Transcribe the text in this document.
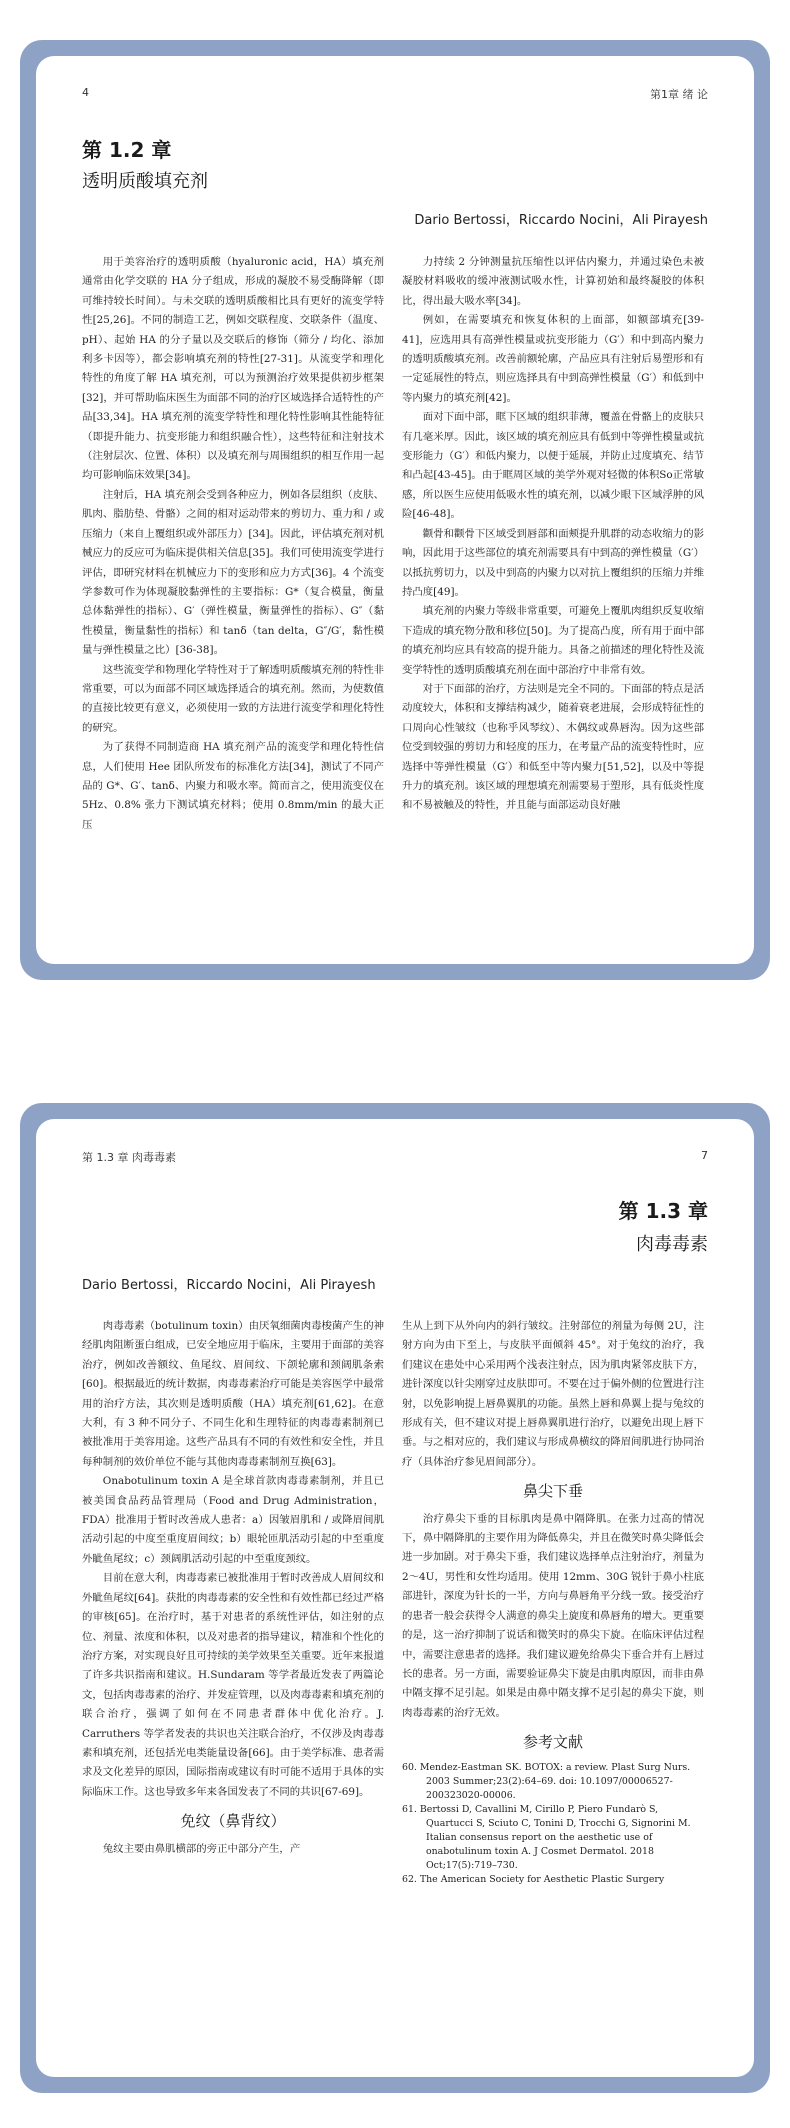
4	第1章 绪 论
第 1.2 章
透明质酸填充剂
Dario Bertossi，Riccardo Nocini，Ali Pirayesh

用于美容治疗的透明质酸（hyaluronic acid，HA）填充剂通常由化学交联的 HA 分子组成，形成的凝胶不易受酶降解（即可维持较长时间）。与未交联的透明质酸相比具有更好的流变学特性[25,26]。不同的制造工艺，例如交联程度、交联条件（温度、pH）、起始 HA 的分子量以及交联后的修饰（筛分 / 均化、添加利多卡因等），都会影响填充剂的特性[27-31]。从流变学和理化特性的角度了解 HA 填充剂，可以为预测治疗效果提供初步框架[32]，并可帮助临床医生为面部不同的治疗区域选择合适特性的产品[33,34]。HA 填充剂的流变学特性和理化特性影响其性能特征（即提升能力、抗变形能力和组织融合性），这些特征和注射技术（注射层次、位置、体积）以及填充剂与周围组织的相互作用一起均可影响临床效果[34]。

注射后，HA 填充剂会受到各种应力，例如各层组织（皮肤、肌肉、脂肪垫、骨骼）之间的相对运动带来的剪切力、重力和 / 或压缩力（来自上覆组织或外部压力）[34]。因此，评估填充剂对机械应力的反应可为临床提供相关信息[35]。我们可使用流变学进行评估，即研究材料在机械应力下的变形和应力方式[36]。4 个流变学参数可作为体现凝胶黏弹性的主要指标：G*（复合模量，衡量总体黏弹性的指标）、G′（弹性模量，衡量弹性的指标）、G″（黏性模量，衡量黏性的指标）和 tanδ（tan delta，G″/G′，黏性模量与弹性模量之比）[36-38]。

这些流变学和物理化学特性对于了解透明质酸填充剂的特性非常重要，可以为面部不同区域选择适合的填充剂。然而，为使数值的直接比较更有意义，必须使用一致的方法进行流变学和理化特性的研究。

为了获得不同制造商 HA 填充剂产品的流变学和理化特性信息，人们使用 Hee 团队所发布的标准化方法[34]，测试了不同产品的 G*、G′、tanδ、内聚力和吸水率。简而言之，使用流变仪在 5Hz、0.8% 张力下测试填充材料；使用 0.8mm/min 的最大正压

力持续 2 分钟测量抗压缩性以评估内聚力，并通过染色未被凝胶材料吸收的缓冲液测试吸水性，计算初始和最终凝胶的体积比，得出最大吸水率[34]。

例如，在需要填充和恢复体积的上面部，如额部填充[39-41]，应选用具有高弹性模量或抗变形能力（G′）和中到高内聚力的透明质酸填充剂。改善前额轮廓，产品应具有注射后易塑形和有一定延展性的特点，则应选择具有中到高弹性模量（G′）和低到中等内聚力的填充剂[42]。

面对下面中部，眶下区域的组织菲薄，覆盖在骨骼上的皮肤只有几毫米厚。因此，该区域的填充剂应具有低到中等弹性模量或抗变形能力（G′）和低内聚力，以便于延展，并防止过度填充、结节和凸起[43-45]。由于眶周区域的美学外观对轻微的体积So正常敏感，所以医生应使用低吸水性的填充剂，以减少眼下区域浮肿的风险[46-48]。

颧骨和颧骨下区域受到唇部和面颊提升肌群的动态收缩力的影响，因此用于这些部位的填充剂需要具有中到高的弹性模量（G′）以抵抗剪切力，以及中到高的内聚力以对抗上覆组织的压缩力并维持凸度[49]。

填充剂的内聚力等级非常重要，可避免上覆肌肉组织反复收缩下造成的填充物分散和移位[50]。为了提高凸度，所有用于面中部的填充剂均应具有较高的提升能力。具备之前描述的理化特性及流变学特性的透明质酸填充剂在面中部治疗中非常有效。

对于下面部的治疗，方法则是完全不同的。下面部的特点是活动度较大，体积和支撑结构减少，随着衰老进展，会形成特征性的口周向心性皱纹（也称乎风琴纹）、木偶纹或鼻唇沟。因为这些部位受到较强的剪切力和轻度的压力，在考量产品的流变特性时，应选择中等弹性模量（G′）和低至中等内聚力[51,52]，以及中等提升力的填充剂。该区域的理想填充剂需要易于塑形，具有低炎性度和不易被触及的特性，并且能与面部运动良好融

第 1.3 章 肉毒毒素	7
第 1.3 章
肉毒毒素
Dario Bertossi，Riccardo Nocini，Ali Pirayesh

肉毒毒素（botulinum toxin）由厌氧细菌肉毒梭菌产生的神经肌肉阻断蛋白组成，已安全地应用于临床，主要用于面部的美容治疗，例如改善额纹、鱼尾纹、眉间纹、下颌轮廓和颈阔肌条索[60]。根据最近的统计数据，肉毒毒素治疗可能是美容医学中最常用的治疗方法，其次则是透明质酸（HA）填充剂[61,62]。在意大利，有 3 种不同分子、不同生化和生理特征的肉毒毒素制剂已被批准用于美容用途。这些产品具有不同的有效性和安全性，并且每种制剂的效价单位不能与其他肉毒毒素制剂互换[63]。

Onabotulinum toxin A 是全球首款肉毒毒素制剂，并且已被美国食品药品管理局（Food and Drug Administration，FDA）批准用于暂时改善成人患者：a）因皱眉肌和 / 或降眉间肌活动引起的中度至重度眉间纹；b）眼轮匝肌活动引起的中至重度外眦鱼尾纹；c）颈阔肌活动引起的中至重度颈纹。

目前在意大利，肉毒毒素已被批准用于暂时改善成人眉间纹和外眦鱼尾纹[64]。获批的肉毒毒素的安全性和有效性都已经过严格的审核[65]。在治疗时，基于对患者的系统性评估，如注射的点位、剂量、浓度和体积，以及对患者的指导建议，精准和个性化的治疗方案，对实现良好且可持续的美学效果至关重要。近年来报道了许多共识指南和建议。H.Sundaram 等学者最近发表了两篇论文，包括肉毒毒素的治疗、并发症管理，以及肉毒毒素和填充剂的联合治疗，强调了如何在不同患者群体中优化治疗。J. Carruthers 等学者发表的共识也关注联合治疗，不仅涉及肉毒毒素和填充剂，还包括光电类能量设备[66]。由于美学标准、患者需求及文化差异的原因，国际指南或建议有时可能不适用于具体的实际临床工作。这也导致多年来各国发表了不同的共识[67-69]。

免纹（鼻背纹）

兔纹主要由鼻肌横部的旁正中部分产生，产

生从上到下从外向内的斜行皱纹。注射部位的剂量为每侧 2U，注射方向为由下至上，与皮肤平面倾斜 45°。对于兔纹的治疗，我们建议在患处中心采用两个浅表注射点，因为肌肉紧邻皮肤下方，进针深度以针尖刚穿过皮肤即可。不要在过于偏外侧的位置进行注射，以免影响提上唇鼻翼肌的功能。虽然上唇和鼻翼上提与兔纹的形成有关，但不建议对提上唇鼻翼肌进行治疗，以避免出现上唇下垂。与之相对应的，我们建议与形成鼻横纹的降眉间肌进行协同治疗（具体治疗参见眉间部分）。

鼻尖下垂

治疗鼻尖下垂的目标肌肉是鼻中隔降肌。在张力过高的情况下，鼻中隔降肌的主要作用为降低鼻尖，并且在微笑时鼻尖降低会进一步加剧。对于鼻尖下垂，我们建议选择单点注射治疗，剂量为 2～4U，男性和女性均适用。使用 12mm、30G 锐针于鼻小柱底部进针，深度为针长的一半，方向与鼻唇角平分线一致。接受治疗的患者一般会获得令人满意的鼻尖上旋度和鼻唇角的增大。更重要的是，这一治疗抑制了说话和微笑时的鼻尖下旋。在临床评估过程中，需要注意患者的选择。我们建议避免给鼻尖下垂合并有上唇过长的患者。另一方面，需要验证鼻尖下旋是由肌肉原因，而非由鼻中隔支撑不足引起。如果是由鼻中隔支撑不足引起的鼻尖下旋，则肉毒毒素的治疗无效。

参考文献

60. Mendez-Eastman SK. BOTOX: a review. Plast Surg Nurs. 2003 Summer;23(2):64–69. doi: 10.1097/00006527-200323020-00006.

61. Bertossi D, Cavallini M, Cirillo P, Piero Fundarò S, Quartucci S, Sciuto C, Tonini D, Trocchi G, Signorini M. Italian consensus report on the aesthetic use of onabotulinum toxin A. J Cosmet Dermatol. 2018 Oct;17(5):719–730.

62. The American Society for Aesthetic Plastic Surgery
